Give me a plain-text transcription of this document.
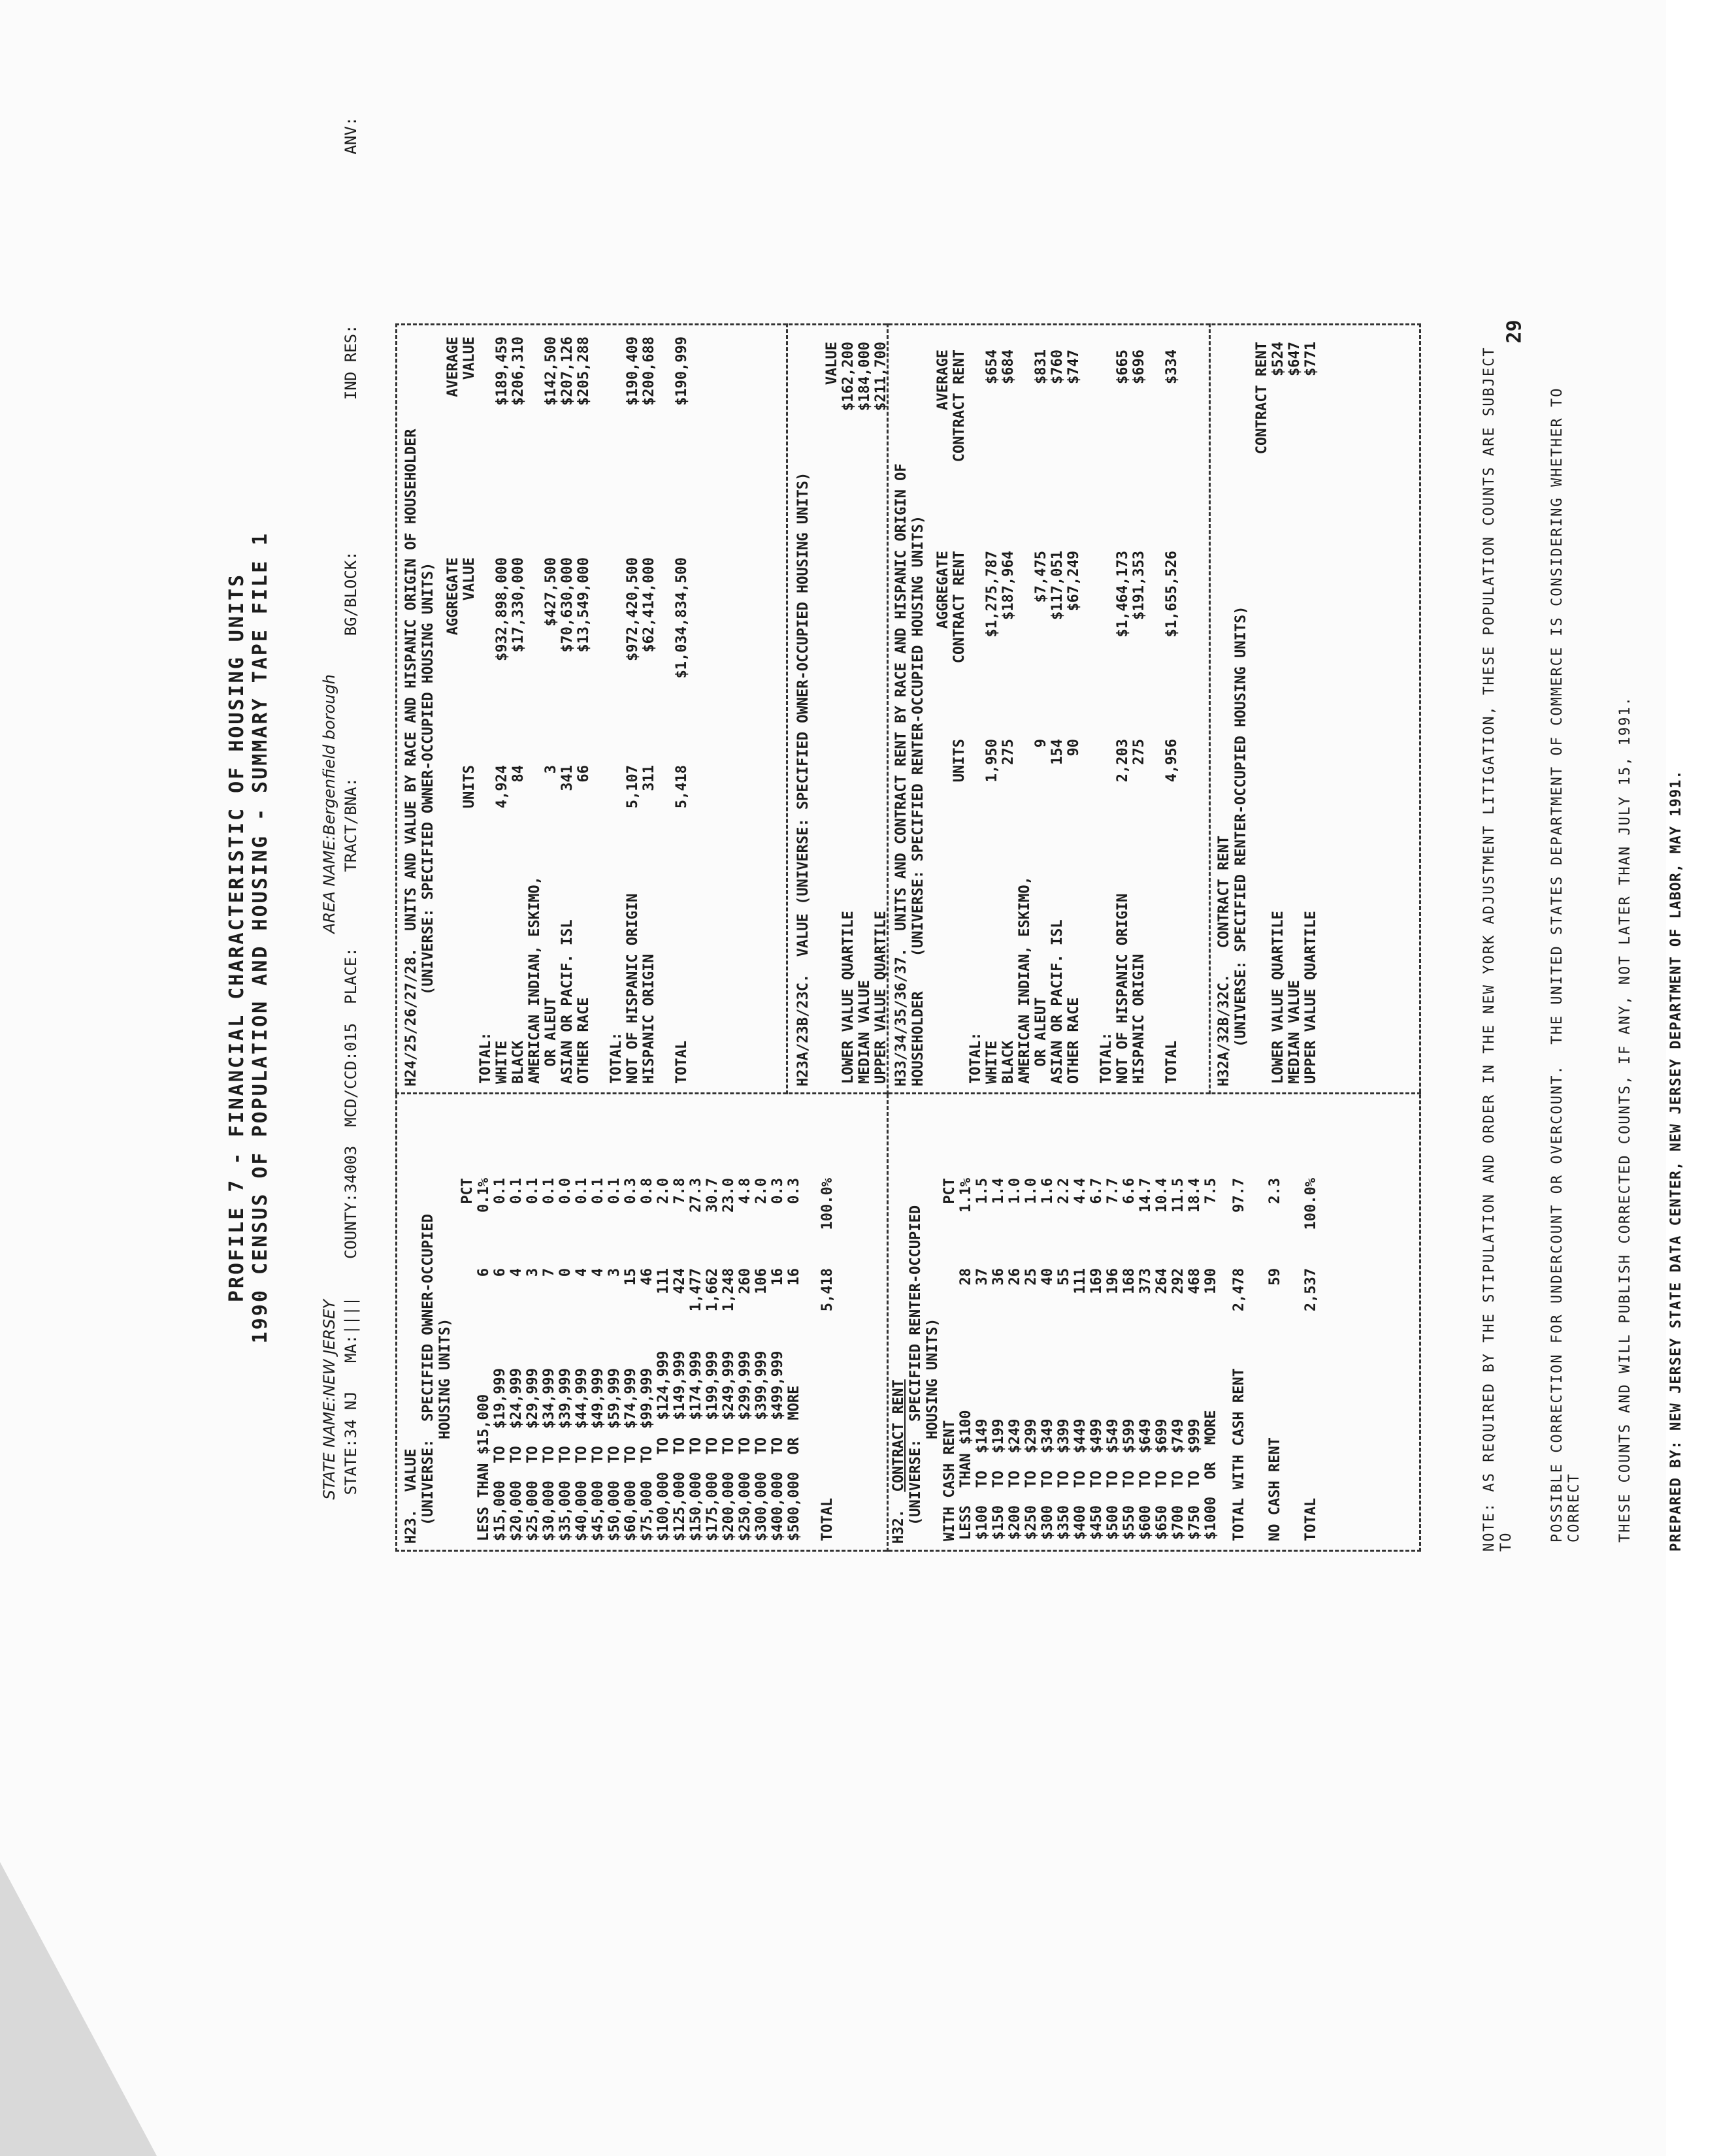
29
PROFILE 7 - FINANCIAL CHARACTERISTIC OF HOUSING UNITS 1990 CENSUS OF POPULATION AND HOUSING - SUMMARY TAPE FILE 1

STATE NAME:NEW JERSEYAREA NAME:Bergenfield borough

STATE:34 NJ   MA:||||    COUNTY:34003  MCD/CCD:015  PLACE:        TRACT/BNA:               BG/BLOCK:                IND RES:                  ANV:

H23.  VALUE (UNIVERSE:  SPECIFIED OWNER-OCCUPIED HOUSING UNITS)
		PCT
LESS THAN $15,000	6	0.1%
$15,000  TO  $19,999	6	0.1
$20,000  TO  $24,999	4	0.1
$25,000  TO  $29,999	3	0.1
$30,000  TO  $34,999	7	0.1
$35,000  TO  $39,999	0	0.0
$40,000  TO  $44,999	4	0.1
$45,000  TO  $49,999	4	0.1
$50,000  TO  $59,999	3	0.1
$60,000  TO  $74,999	15	0.3
$75,000  TO  $99,999	46	0.8
$100,000  TO  $124,999	111	2.0
$125,000  TO  $149,999	424	7.8
$150,000  TO  $174,999	1,477	27.3
$175,000  TO  $199,999	1,662	30.7
$200,000  TO  $249,999	1,248	23.0
$250,000  TO  $299,999	260	4.8
$300,000  TO  $399,999	106	2.0
$400,000  TO  $499,999	16	0.3
$500,000  OR  MORE	16	0.3

TOTAL	5,418	100.0%
H32.  CONTRACT RENT (UNIVERSE:  SPECIFIED RENTER-OCCUPIED HOUSING UNITS)
WITH CASH RENT		PCT
LESS  THAN $100	28	1.1%
$100  TO  $149	37	1.5
$150  TO  $199	36	1.4
$200  TO  $249	26	1.0
$250  TO  $299	25	1.0
$300  TO  $349	40	1.6
$350  TO  $399	55	2.2
$400  TO  $449	111	4.4
$450  TO  $499	169	6.7
$500  TO  $549	196	7.7
$550  TO  $599	168	6.6
$600  TO  $649	373	14.7
$650  TO  $699	264	10.4
$700  TO  $749	292	11.5
$750  TO  $999	468	18.4
$1000  OR  MORE	190	7.5

TOTAL WITH CASH RENT	2,478	97.7

NO CASH RENT	59	2.3

TOTAL	2,537	100.0%
H24/25/26/27/28.  UNITS AND VALUE BY RACE AND HISPANIC ORIGIN OF HOUSEHOLDER (UNIVERSE: SPECIFIED OWNER-OCCUPIED HOUSING UNITS)
		AGGREGATE	AVERAGE
	UNITS	VALUE	VALUE
TOTAL:			
WHITE	4,924	$932,898,000	$189,459
BLACK	84	$17,330,000	$206,310
AMERICAN INDIAN, ESKIMO,			
OR ALEUT	3	$427,500	$142,500
ASIAN OR PACIF. ISL	341	$70,630,000	$207,126
OTHER RACE	66	$13,549,000	$205,288

TOTAL:			
NOT OF HISPANIC ORIGIN	5,107	$972,420,500	$190,409
HISPANIC ORIGIN	311	$62,414,000	$200,688

TOTAL	5,418	$1,034,834,500	$190,999
H23A/23B/23C.  VALUE (UNIVERSE: SPECIFIED OWNER-OCCUPIED HOUSING UNITS)
		VALUE
LOWER VALUE QUARTILE		$162,200
MEDIAN VALUE		$184,000
UPPER VALUE QUARTILE		$211,700
H33/34/35/36/37.  UNITS AND CONTRACT RENT BY RACE AND HISPANIC ORIGIN OF HOUSEHOLDER    (UNIVERSE: SPECIFIED RENTER-OCCUPIED HOUSING UNITS)
		AGGREGATE	AVERAGE
	UNITS	CONTRACT RENT	CONTRACT RENT
TOTAL:			
WHITE	1,950	$1,275,787	$654
BLACK	275	$187,964	$684
AMERICAN INDIAN, ESKIMO,			
OR ALEUT	9	$7,475	$831
ASIAN OR PACIF. ISL	154	$117,051	$760
OTHER RACE	90	$67,249	$747

TOTAL:			
NOT OF HISPANIC ORIGIN	2,203	$1,464,173	$665
HISPANIC ORIGIN	275	$191,353	$696

TOTAL	4,956	$1,655,526	$334
H32A/32B/32C.   CONTRACT RENT (UNIVERSE: SPECIFIED RENTER-OCCUPIED HOUSING UNITS)
		CONTRACT RENT
LOWER VALUE QUARTILE		$524
MEDIAN VALUE		$647
UPPER VALUE QUARTILE		$771

	NOTE: AS REQUIRED BY THE STIPULATION AND ORDER IN THE NEW YORK ADJUSTMENT LITIGATION, THESE POPULATION COUNTS ARE SUBJECT TO

POSSIBLE CORRECTION FOR UNDERCOUNT OR OVERCOUNT.  THE UNITED STATES DEPARTMENT OF COMMERCE IS CONSIDERING WHETHER TO CORRECT

THESE COUNTS AND WILL PUBLISH CORRECTED COUNTS, IF ANY, NOT LATER THAN JULY 15, 1991.

PREPARED BY: NEW JERSEY STATE DATA CENTER, NEW JERSEY DEPARTMENT OF LABOR, MAY 1991.
